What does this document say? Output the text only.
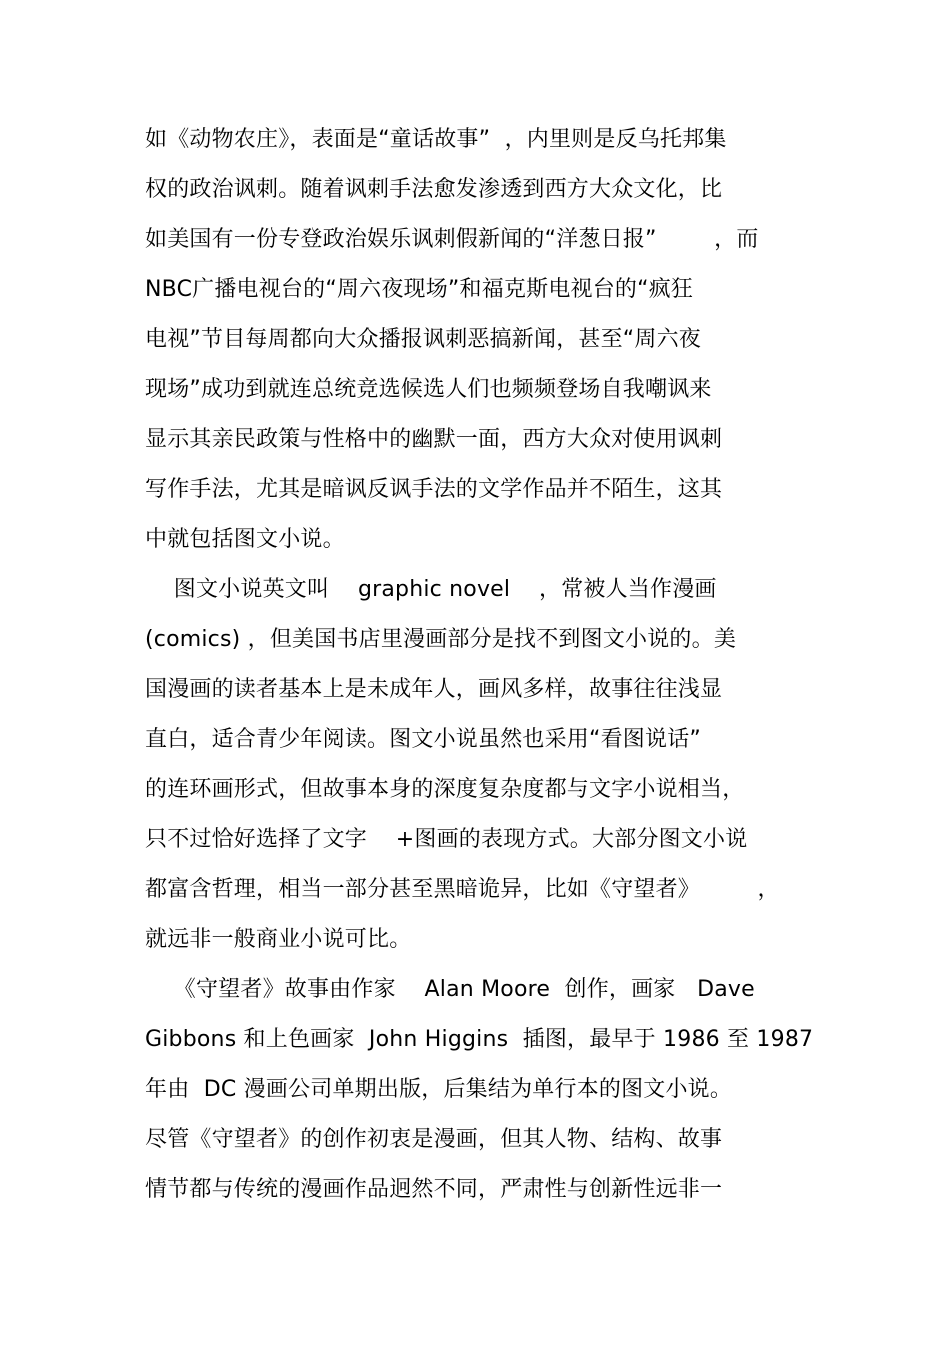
如《动物农庄》，表面是“童话故事”  ，内里则是反乌托邦集
权的政治讽刺。随着讽刺手法愈发渗透到西方大众文化，比
如美国有一份专登政治娱乐讽刺假新闻的“洋葱日报”        ，而
NBC广播电视台的“周六夜现场”和福克斯电视台的“疯狂
电视”节目每周都向大众播报讽刺恶搞新闻，甚至“周六夜
现场”成功到就连总统竞选候选人们也频频登场自我嘲讽来
显示其亲民政策与性格中的幽默一面，西方大众对使用讽刺
写作手法，尤其是暗讽反讽手法的文学作品并不陌生，这其
中就包括图文小说。
图文小说英文叫    graphic novel    ，常被人当作漫画
(comics) ，但美国书店里漫画部分是找不到图文小说的。美
国漫画的读者基本上是未成年人，画风多样，故事往往浅显
直白，适合青少年阅读。图文小说虽然也采用“看图说话”
的连环画形式，但故事本身的深度复杂度都与文字小说相当，
只不过恰好选择了文字    +图画的表现方式。大部分图文小说
都富含哲理，相当一部分甚至黑暗诡异，比如《守望者》        ，
就远非一般商业小说可比。
《守望者》故事由作家    Alan Moore  创作，画家   Dave
Gibbons 和上色画家  John Higgins  插图，最早于 1986 至 1987
年由  DC 漫画公司单期出版，后集结为单行本的图文小说。
尽管《守望者》的创作初衷是漫画，但其人物、结构、故事
情节都与传统的漫画作品迥然不同，严肃性与创新性远非一
